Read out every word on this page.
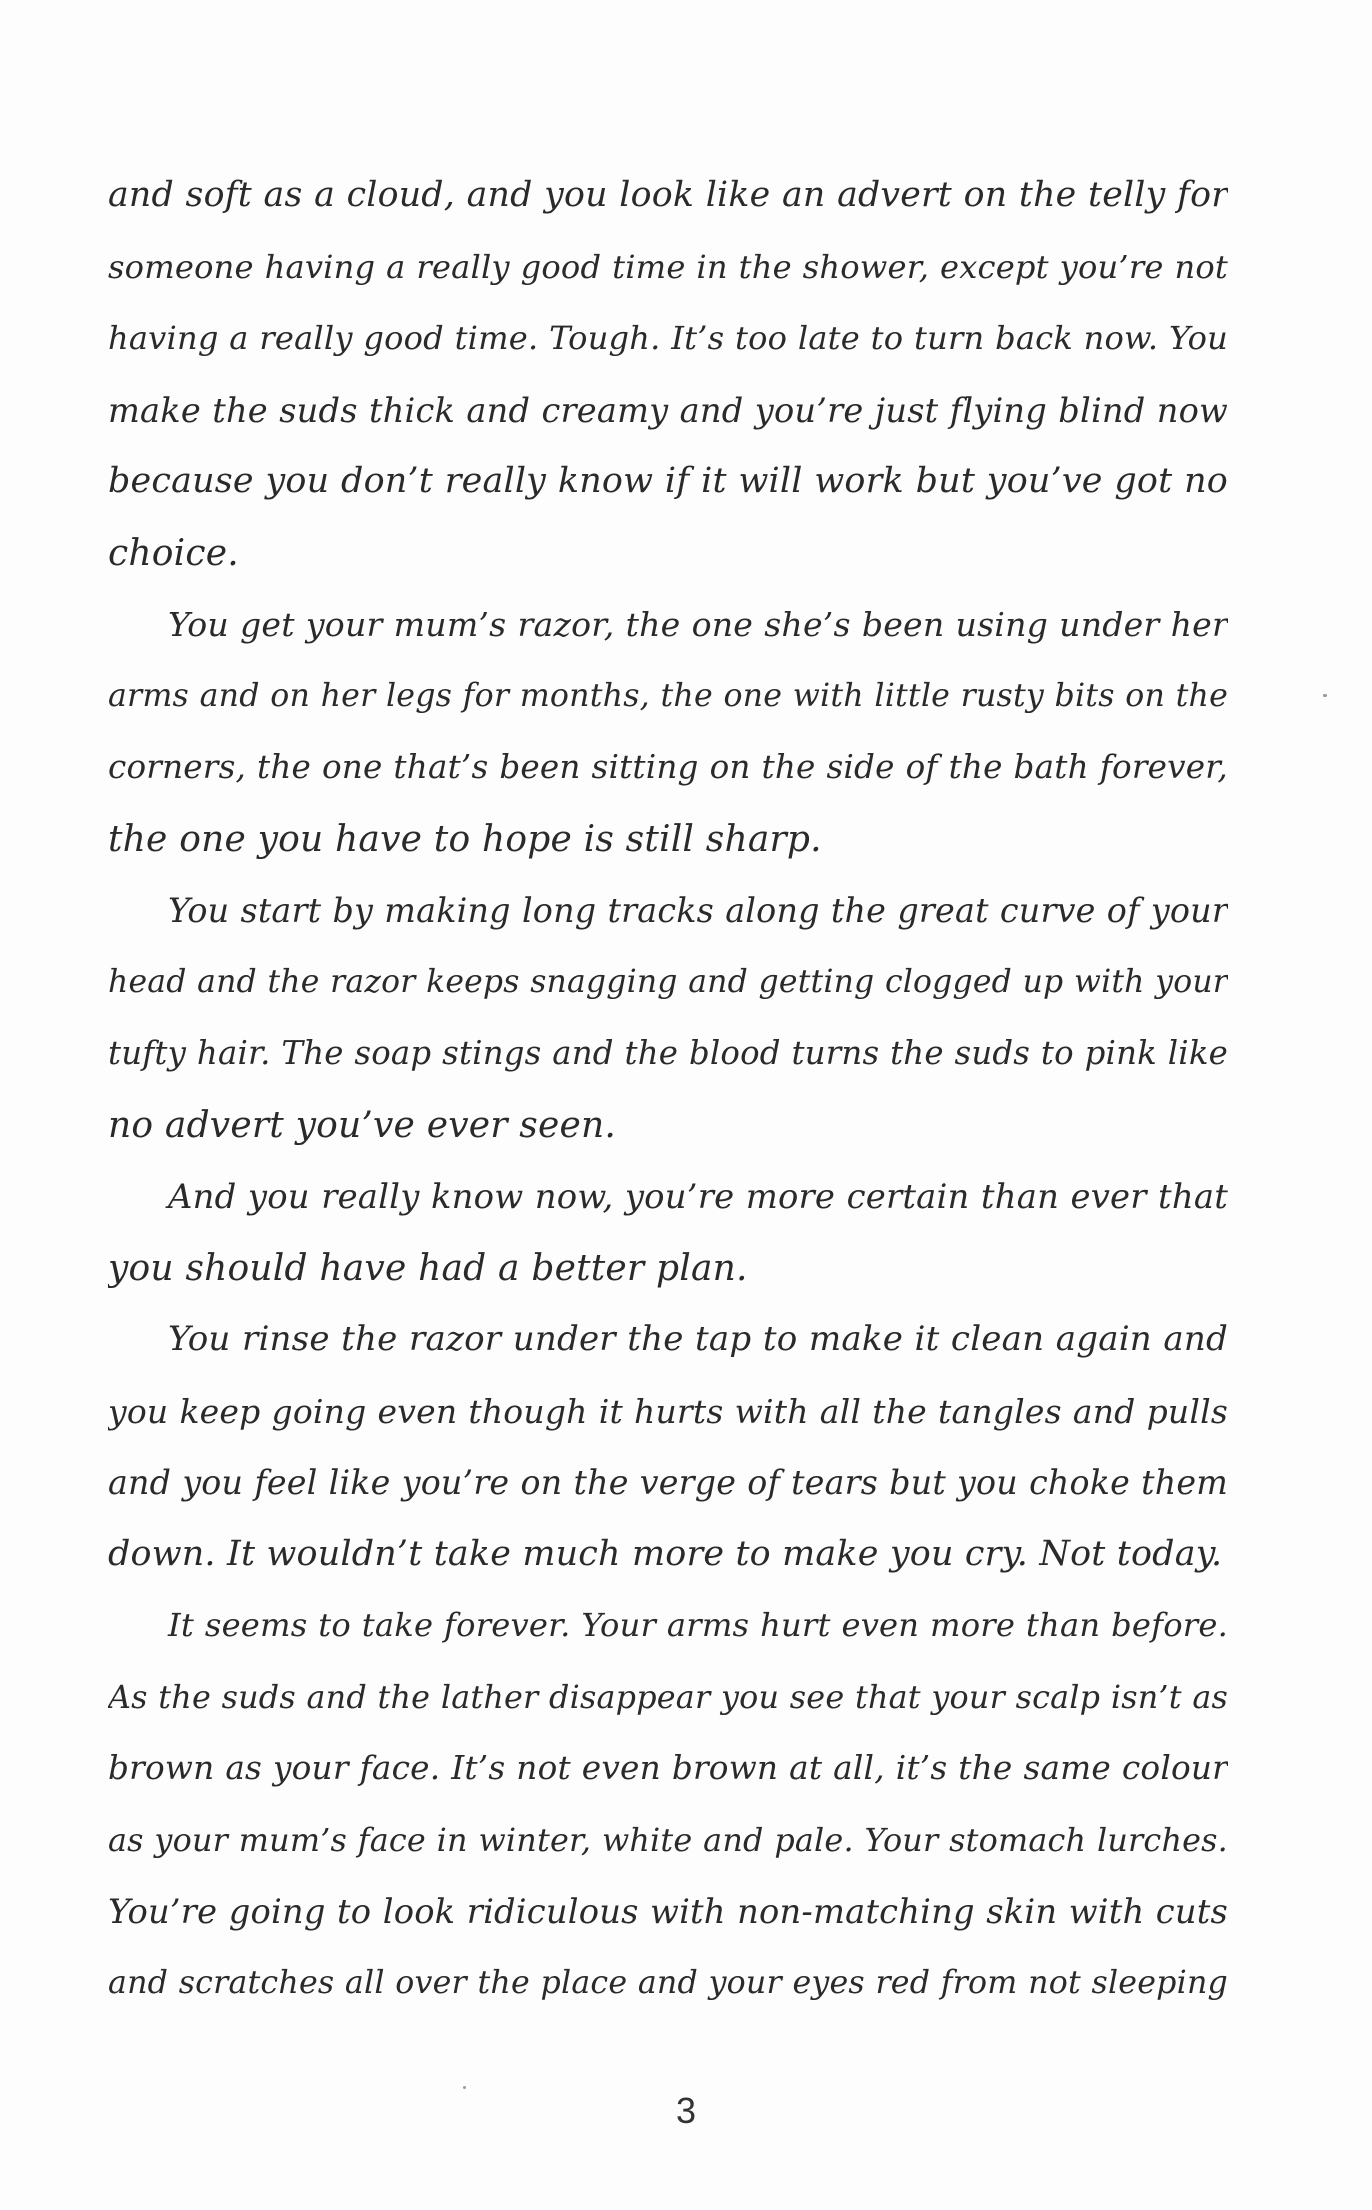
and soft as a cloud, and you look like an advert on the telly for
someone having a really good time in the shower, except you’re not
having a really good time. Tough. It’s too late to turn back now. You
make the suds thick and creamy and you’re just flying blind now
because you don’t really know if it will work but you’ve got no
choice.
You get your mum’s razor, the one she’s been using under her
arms and on her legs for months, the one with little rusty bits on the
corners, the one that’s been sitting on the side of the bath forever,
the one you have to hope is still sharp.
You start by making long tracks along the great curve of your
head and the razor keeps snagging and getting clogged up with your
tufty hair. The soap stings and the blood turns the suds to pink like
no advert you’ve ever seen.
And you really know now, you’re more certain than ever that
you should have had a better plan.
You rinse the razor under the tap to make it clean again and
you keep going even though it hurts with all the tangles and pulls
and you feel like you’re on the verge of tears but you choke them
down. It wouldn’t take much more to make you cry. Not today.
It seems to take forever. Your arms hurt even more than before.
As the suds and the lather disappear you see that your scalp isn’t as
brown as your face. It’s not even brown at all, it’s the same colour
as your mum’s face in winter, white and pale. Your stomach lurches.
You’re going to look ridiculous with non-matching skin with cuts
and scratches all over the place and your eyes red from not sleeping
3
